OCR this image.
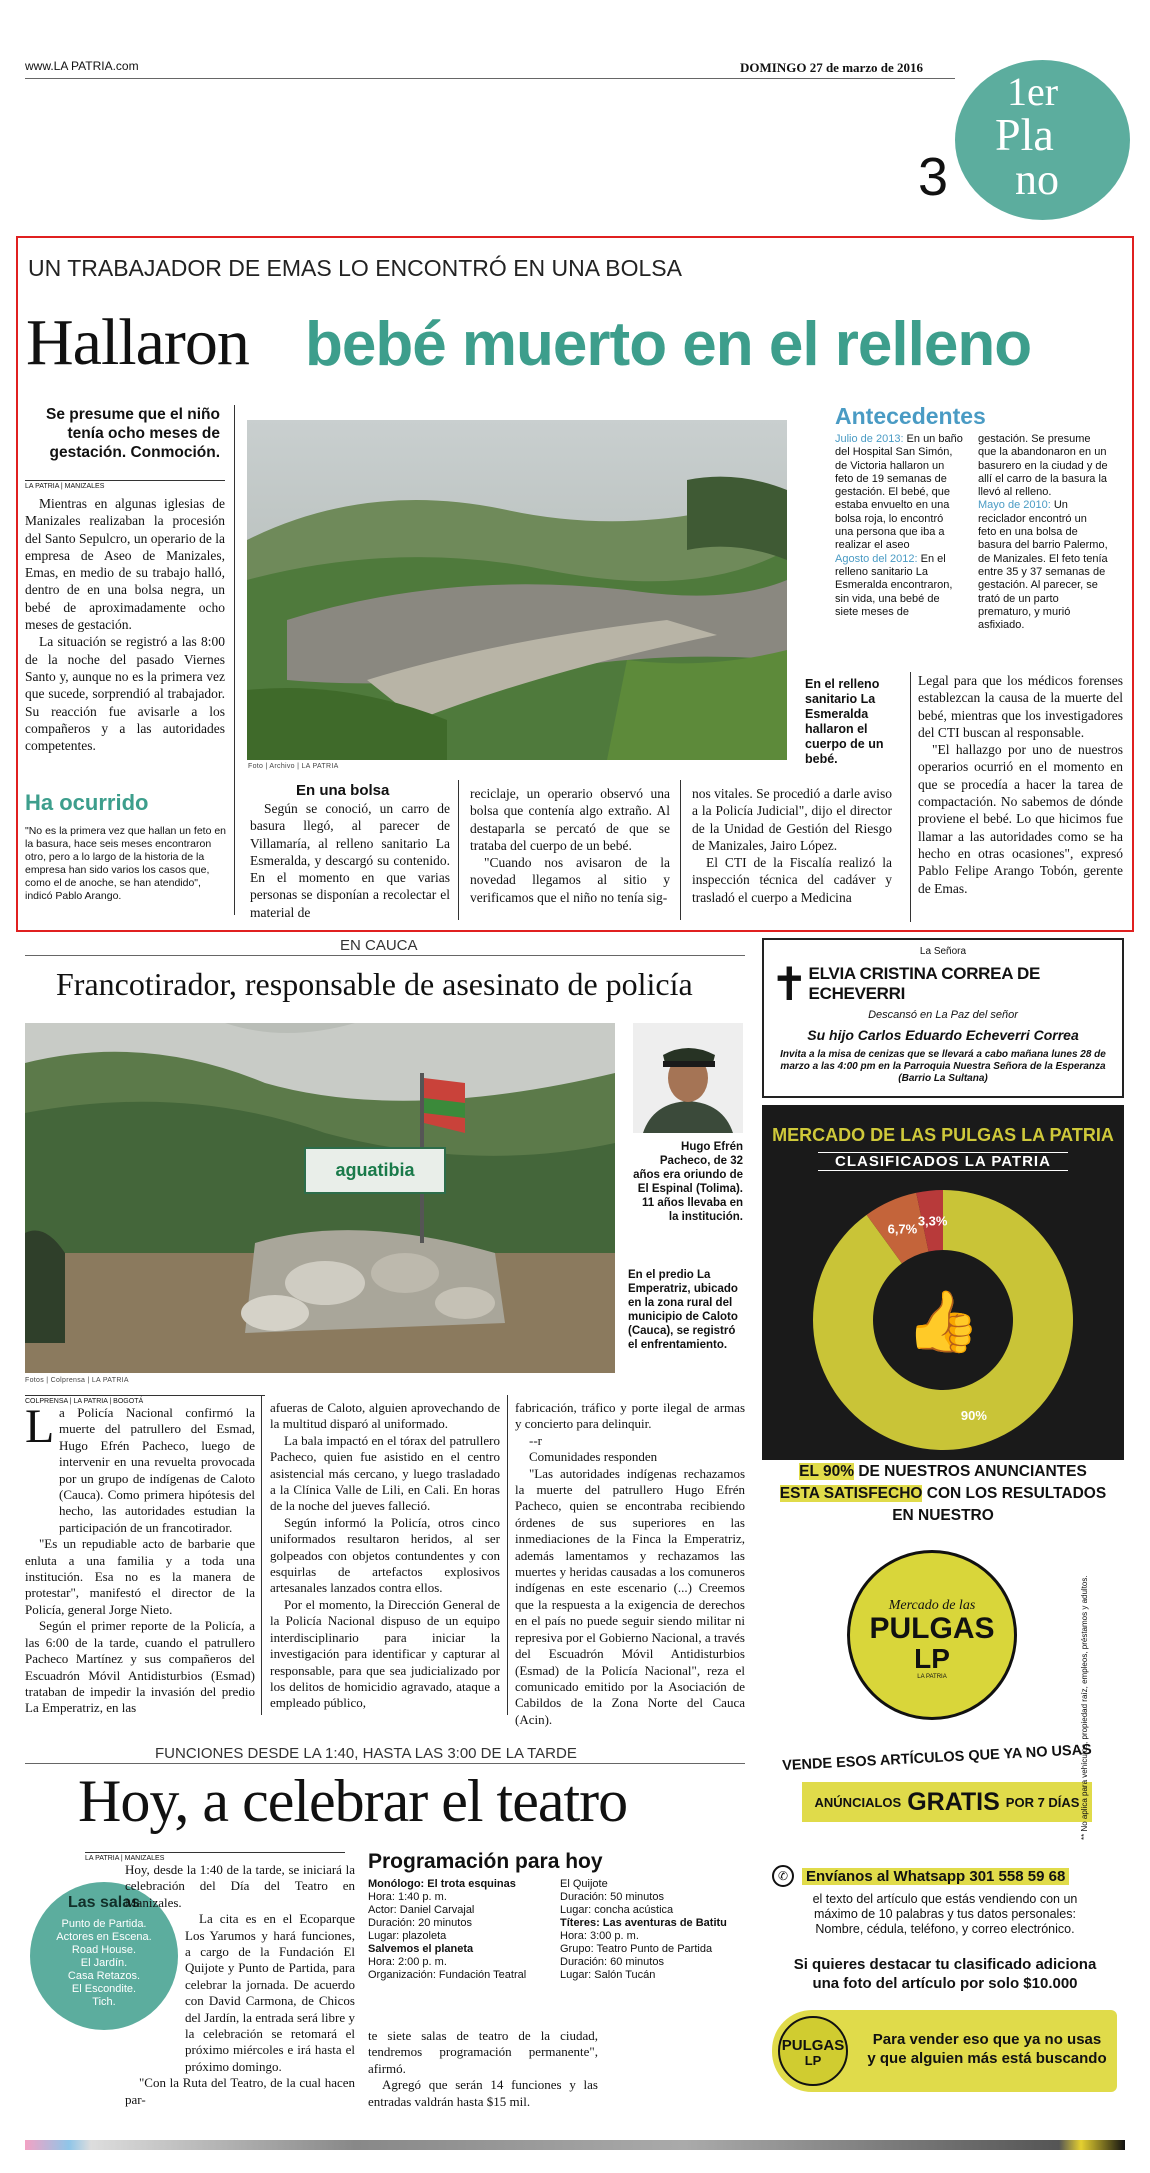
www.LA PATRIA.com	DOMINGO 27 de marzo de 2016
3
1er
Pla
no
UN TRABAJADOR DE EMAS LO ENCONTRÓ EN UNA BOLSA
Hallaron bebé muerto en el relleno
Se presume que el niño tenía ocho meses de gestación. Conmoción.
LA PATRIA | MANIZALES

Mientras en algunas iglesias de Manizales realizaban la procesión del Santo Sepulcro, un operario de la empresa de Aseo de Manizales, Emas, en medio de su trabajo halló, dentro de en una bolsa negra, un bebé de aproximadamente ocho meses de gestación.

La situación se registró a las 8:00 de la noche del pasado Viernes Santo y, aunque no es la primera vez que sucede, sorprendió al trabajador. Su reacción fue avisarle a los compañeros y a las autoridades competentes.

Ha ocurrido
"No es la primera vez que hallan un feto en la basura, hace seis meses encontraron otro, pero a lo largo de la historia de la empresa han sido varios los casos que, como el de anoche, se han atendido", indicó Pablo Arango.
Foto | Archivo | LA PATRIA
Antecedentes
Julio de 2013: En un baño del Hospital San Simón, de Victoria hallaron un feto de 19 semanas de gestación. El bebé, que estaba envuelto en una bolsa roja, lo encontró una persona que iba a realizar el aseo
Agosto del 2012: En el relleno sanitario La Esmeralda encontraron, sin vida, una bebé de siete meses de
gestación. Se presume que la abandonaron en un basurero en la ciudad y de allí el carro de la basura la llevó al relleno.
Mayo de 2010: Un reciclador encontró un feto en una bolsa de basura del barrio Palermo, de Manizales. El feto tenía entre 35 y 37 semanas de gestación. Al parecer, se trató de un parto prematuro, y murió asfixiado.
En el relleno sanitario La Esmeralda hallaron el cuerpo de un bebé.

Legal para que los médicos forenses establezcan la causa de la muerte del bebé, mientras que los investigadores del CTI buscan al responsable.

"El hallazgo por uno de nuestros operarios ocurrió en el momento en que se procedía a hacer la tarea de compactación. No sabemos de dónde proviene el bebé. Lo que hicimos fue llamar a las autoridades como se ha hecho en otras ocasiones", expresó Pablo Felipe Arango Tobón, gerente de Emas.

En una bolsa

Según se conoció, un carro de basura llegó, al parecer de Villamaría, al relleno sanitario La Esmeralda, y descargó su contenido. En el momento en que varias personas se disponían a recolectar el material de

reciclaje, un operario observó una bolsa que contenía algo extraño. Al destaparla se percató de que se trataba del cuerpo de un bebé.

"Cuando nos avisaron de la novedad llegamos al sitio y verificamos que el niño no tenía sig-

nos vitales. Se procedió a darle aviso a la Policía Judicial", dijo el director de la Unidad de Gestión del Riesgo de Manizales, Jairo López.

El CTI de la Fiscalía realizó la inspección técnica del cadáver y trasladó el cuerpo a Medicina

EN CAUCA
Francotirador, responsable de asesinato de policía
aguatibia
Fotos | Colprensa | LA PATRIA
Hugo Efrén Pacheco, de 32 años era oriundo de El Espinal (Tolima). 11 años llevaba en la institución.
En el predio La Emperatriz, ubicado en la zona rural del municipio de Caloto (Cauca), se registró el enfrentamiento.
COLPRENSA | LA PATRIA | BOGOTÁ
L a Policía Nacional confirmó la muerte del patrullero del Esmad, Hugo Efrén Pacheco, luego de intervenir en una revuelta provocada por un grupo de indígenas de Caloto (Cauca). Como primera hipótesis del hecho, las autoridades estudian la participación de un francotirador.

"Es un repudiable acto de barbarie que enluta a una familia y a toda una institución. Esa no es la manera de protestar", manifestó el director de la Policía, general Jorge Nieto.

Según el primer reporte de la Policía, a las 6:00 de la tarde, cuando el patrullero Pacheco Martínez y sus compañeros del Escuadrón Móvil Antidisturbios (Esmad) trataban de impedir la invasión del predio La Emperatriz, en las

afueras de Caloto, alguien aprovechando de la multitud disparó al uniformado.

La bala impactó en el tórax del patrullero Pacheco, quien fue asistido en el centro asistencial más cercano, y luego trasladado a la Clínica Valle de Lili, en Cali. En horas de la noche del jueves falleció.

Según informó la Policía, otros cinco uniformados resultaron heridos, al ser golpeados con objetos contundentes y con esquirlas de artefactos explosivos artesanales lanzados contra ellos.

Por el momento, la Dirección General de la Policía Nacional dispuso de un equipo interdisciplinario para iniciar la investigación para identificar y capturar al responsable, para que sea judicializado por los delitos de homicidio agravado, ataque a empleado público,

fabricación, tráfico y porte ilegal de armas y concierto para delinquir.

--r

Comunidades responden

"Las autoridades indígenas rechazamos la muerte del patrullero Hugo Efrén Pacheco, quien se encontraba recibiendo órdenes de sus superiores en las inmediaciones de la Finca la Emperatriz, además lamentamos y rechazamos las muertes y heridas causadas a los comuneros indígenas en este escenario (...) Creemos que la respuesta a la exigencia de derechos en el país no puede seguir siendo militar ni represiva por el Gobierno Nacional, a través del Escuadrón Móvil Antidisturbios (Esmad) de la Policía Nacional", reza el comunicado emitido por la Asociación de Cabildos de la Zona Norte del Cauca (Acin).

FUNCIONES DESDE LA 1:40, HASTA LAS 3:00 DE LA TARDE
Hoy, a celebrar el teatro
LA PATRIA | MANIZALES
Las salas
Punto de Partida.
Actores en Escena.
Road House.
El Jardín.
Casa Retazos.
El Escondite.
Tich.

Hoy, desde la 1:40 de la tarde, se iniciará la celebración del Día del Teatro en Manizales.

La cita es en el Ecoparque Los Yarumos y hará funciones, a cargo de la Fundación El Quijote y Punto de Partida, para celebrar la jornada. De acuerdo con David Carmona, de Chicos del Jardín, la entrada será libre y la celebración se retomará el próximo miércoles e irá hasta el próximo domingo.

"Con la Ruta del Teatro, de la cual hacen par-

Programación para hoy
Monólogo: El trota esquinas
Hora: 1:40 p. m.
Actor: Daniel Carvajal
Duración: 20 minutos
Lugar: plazoleta
Salvemos el planeta
Hora: 2:00 p. m.
Organización: Fundación Teatral
El Quijote
Duración: 50 minutos
Lugar: concha acústica
Títeres: Las aventuras de Batitu
Hora: 3:00 p. m.
Grupo: Teatro Punto de Partida
Duración: 60 minutos
Lugar: Salón Tucán

te siete salas de teatro de la ciudad, tendremos programación permanente", afirmó.

Agregó que serán 14 funciones y las entradas valdrán hasta $15 mil.

La Señora
✝ ELVIA CRISTINA CORREA DE ECHEVERRI
Descansó en La Paz del señor
Su hijo Carlos Eduardo Echeverri Correa
Invita a la misa de cenizas que se llevará a cabo mañana lunes 28 de marzo a las 4:00 pm en la Parroquia Nuestra Señora de la Esperanza (Barrio La Sultana)
MERCADO DE LAS PULGAS LA PATRIA
CLASIFICADOS LA PATRIA
90%
6,7%
3,3%
👍
EL 90% DE NUESTROS ANUNCIANTES
ESTA SATISFECHO CON LOS RESULTADOS
EN NUESTRO
Mercado de las
PULGAS
LP
LA PATRIA
VENDE ESOS ARTÍCULOS QUE YA NO USAS
ANÚNCIALOS GRATIS POR 7 DÍAS
✆	Envíanos al Whatsapp 301 558 59 68
el texto del artículo que estás vendiendo con un máximo de 10 palabras y tus datos personales: Nombre, cédula, teléfono, y correo electrónico.
Si quieres destacar tu clasificado adiciona una foto del artículo por solo $10.000
PULGAS
LP
Para vender eso que ya no usas y que alguien más está buscando
** No aplica para vehículos, propiedad raíz, empleos, préstamos y adultos.
